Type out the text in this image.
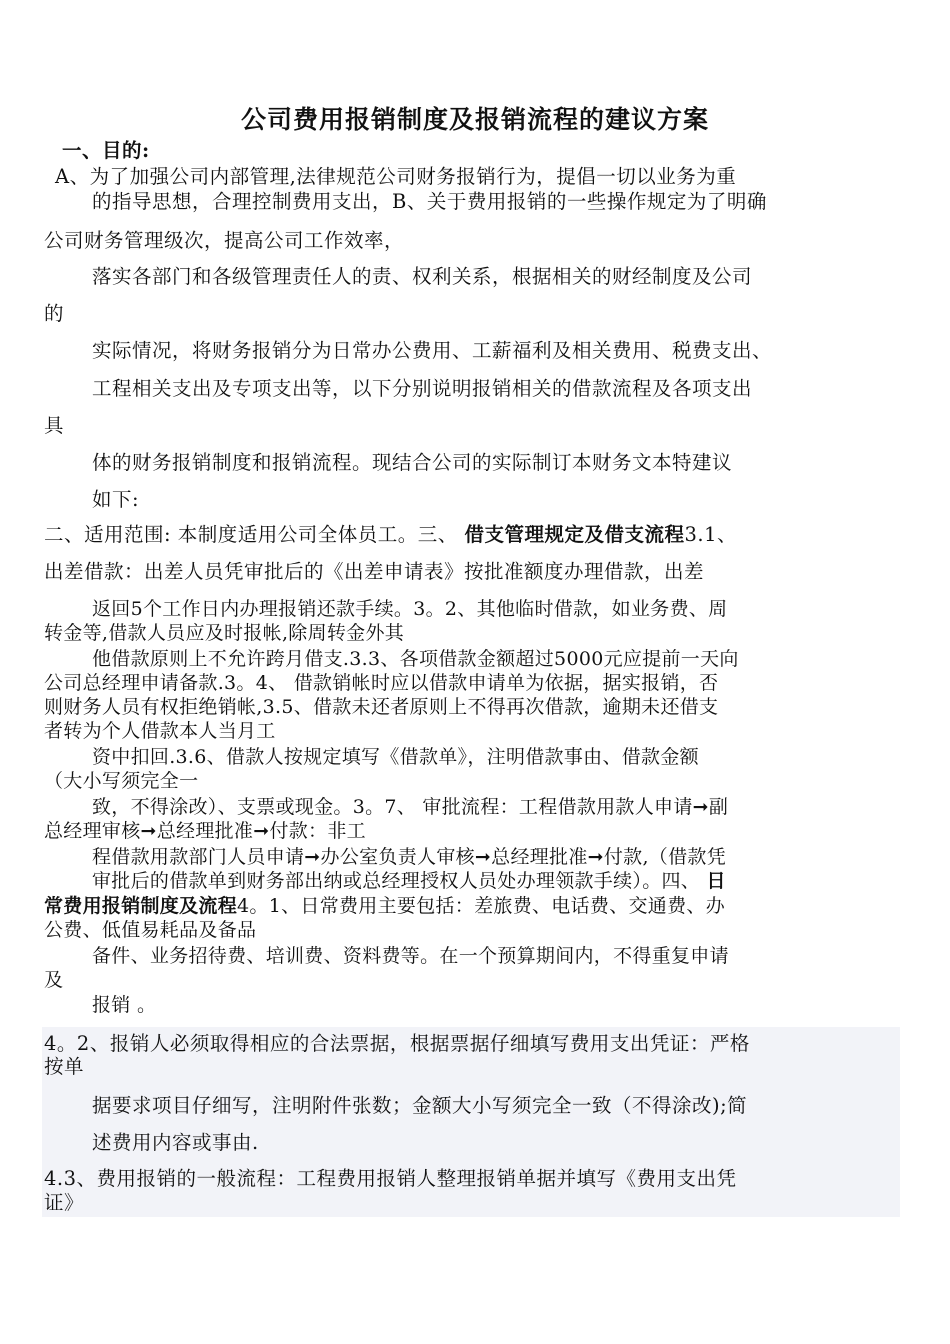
公司费用报销制度及报销流程的建议方案
一、目的:
A、为了加强公司内部管理,法律规范公司财务报销行为，提倡一切以业务为重
的指导思想，合理控制费用支出，B、关于费用报销的一些操作规定为了明确
公司财务管理级次，提高公司工作效率，
落实各部门和各级管理责任人的责、权利关系，根据相关的财经制度及公司
的
实际情况，将财务报销分为日常办公费用、工薪福利及相关费用、税费支出、
工程相关支出及专项支出等，以下分别说明报销相关的借款流程及各项支出
具
体的财务报销制度和报销流程。现结合公司的实际制订本财务文本特建议
如下:
二、适用范围: 本制度适用公司全体员工。三、 借支管理规定及借支流程3.1、
出差借款：出差人员凭审批后的《出差申请表》按批准额度办理借款，出差
返回5个工作日内办理报销还款手续。3。2、其他临时借款，如业务费、周
转金等,借款人员应及时报帐,除周转金外其
他借款原则上不允许跨月借支.3.3、各项借款金额超过5000元应提前一天向
公司总经理申请备款.3。4、 借款销帐时应以借款申请单为依据，据实报销，否
则财务人员有权拒绝销帐,3.5、借款未还者原则上不得再次借款，逾期未还借支
者转为个人借款本人当月工
资中扣回.3.6、借款人按规定填写《借款单》，注明借款事由、借款金额
（大小写须完全一
致，不得涂改）、支票或现金。3。7、 审批流程：工程借款用款人申请➞副
总经理审核➞总经理批准➞付款：非工
程借款用款部门人员申请➞办公室负责人审核➞总经理批准➞付款,（借款凭
审批后的借款单到财务部出纳或总经理授权人员处办理领款手续）。四、 日
常费用报销制度及流程4。1、日常费用主要包括：差旅费、电话费、交通费、办
公费、低值易耗品及备品
备件、业务招待费、培训费、资料费等。在一个预算期间内，不得重复申请
及
报销 。
4。2、报销人必须取得相应的合法票据，根据票据仔细填写费用支出凭证：严格
按单
据要求项目仔细写，注明附件张数；金额大小写须完全一致（不得涂改);简
述费用内容或事由.
4.3、费用报销的一般流程：工程费用报销人整理报销单据并填写《费用支出凭
证》
